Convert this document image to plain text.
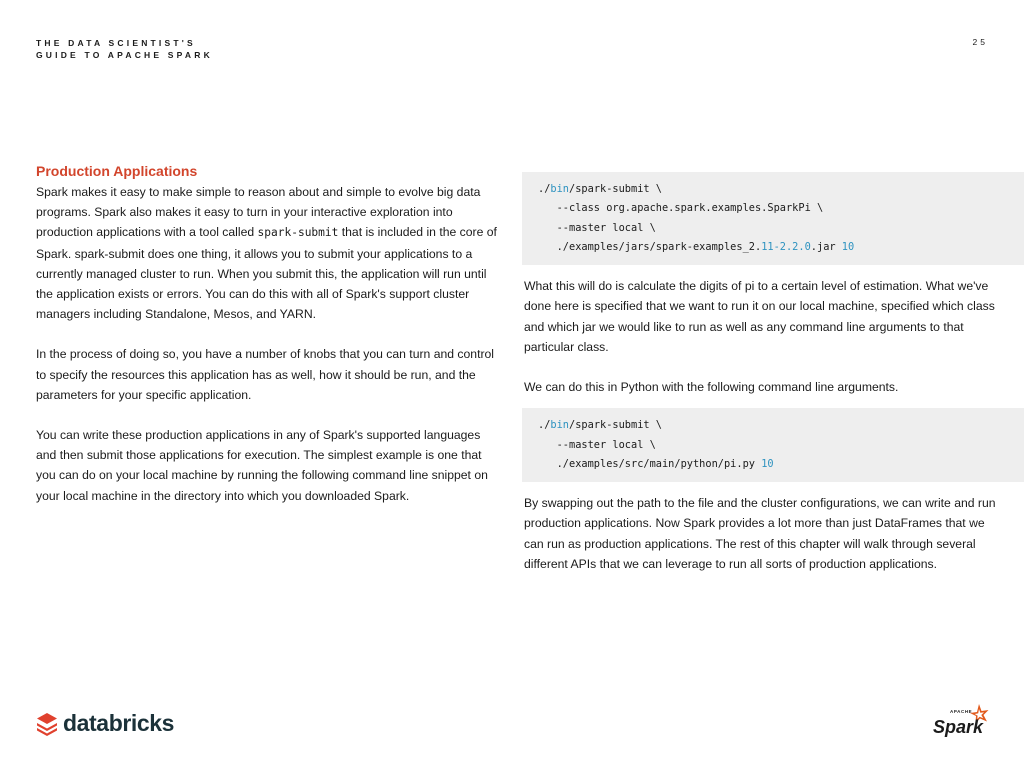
THE DATA SCIENTIST'S
GUIDE TO APACHE SPARK
25
Production Applications

Spark makes it easy to make simple to reason about and simple to evolve big data programs. Spark also makes it easy to turn in your interactive exploration into production applications with a tool called spark-submit that is included in the core of Spark. spark-submit does one thing, it allows you to submit your applications to a currently managed cluster to run. When you submit this, the application will run until the application exists or errors. You can do this with all of Spark's support cluster managers including Standalone, Mesos, and YARN.

In the process of doing so, you have a number of knobs that you can turn and control to specify the resources this application has as well, how it should be run, and the parameters for your specific application.

You can write these production applications in any of Spark's supported languages and then submit those applications for execution. The simplest example is one that you can do on your local machine by running the following command line snippet on your local machine in the directory into which you downloaded Spark.

./bin/spark-submit \
--class org.apache.spark.examples.SparkPi \
--master local \
./examples/jars/spark-examples_2.11-2.2.0.jar 10

What this will do is calculate the digits of pi to a certain level of estimation. What we've done here is specified that we want to run it on our local machine, specified which class and which jar we would like to run as well as any command line arguments to that particular class.

We can do this in Python with the following command line arguments.

./bin/spark-submit \
--master local \
./examples/src/main/python/pi.py 10

By swapping out the path to the file and the cluster configurations, we can write and run production applications. Now Spark provides a lot more than just DataFrames that we can run as production applications. The rest of this chapter will walk through several different APIs that we can leverage to run all sorts of production applications.

databricks	APACHE
Spark
